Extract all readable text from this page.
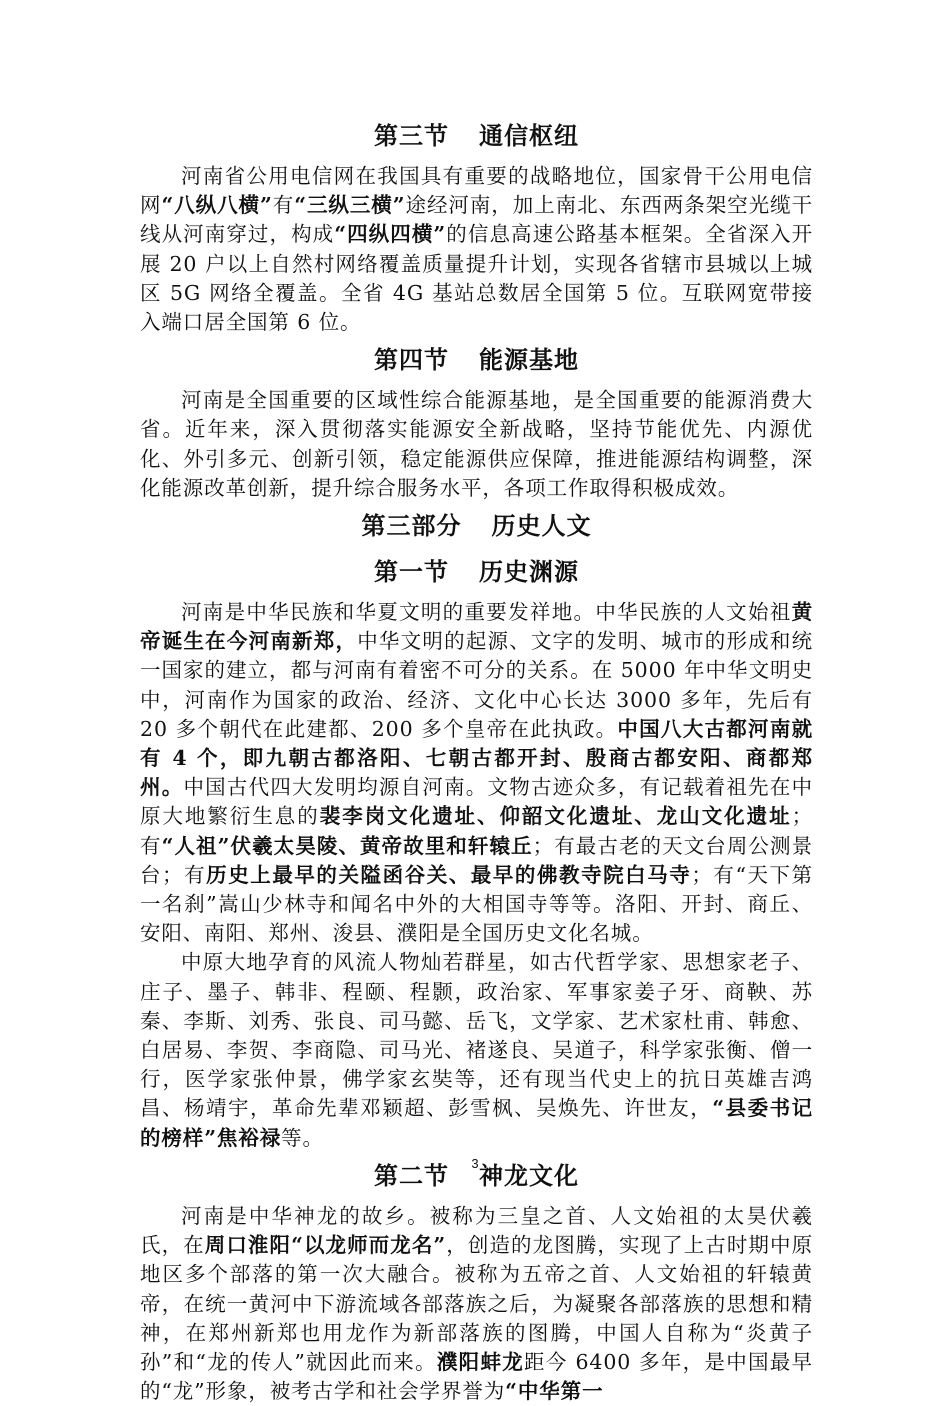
第三节 通信枢纽

河南省公用电信网在我国具有重要的战略地位，国家骨干公用电信网“八纵八横”有“三纵三横”途经河南，加上南北、东西两条架空光缆干线从河南穿过，构成“四纵四横”的信息高速公路基本框架。全省深入开展 20 户以上自然村网络覆盖质量提升计划，实现各省辖市县城以上城区 5G 网络全覆盖。全省 4G 基站总数居全国第 5 位。互联网宽带接入端口居全国第 6 位。

第四节 能源基地

河南是全国重要的区域性综合能源基地，是全国重要的能源消费大省。近年来，深入贯彻落实能源安全新战略，坚持节能优先、内源优化、外引多元、创新引领，稳定能源供应保障，推进能源结构调整，深化能源改革创新，提升综合服务水平，各项工作取得积极成效。

第三部分 历史人文
第一节 历史渊源

河南是中华民族和华夏文明的重要发祥地。中华民族的人文始祖黄帝诞生在今河南新郑，中华文明的起源、文字的发明、城市的形成和统一国家的建立，都与河南有着密不可分的关系。在 5000 年中华文明史中，河南作为国家的政治、经济、文化中心长达 3000 多年，先后有 20 多个朝代在此建都、200 多个皇帝在此执政。中国八大古都河南就有 4 个，即九朝古都洛阳、七朝古都开封、殷商古都安阳、商都郑州。中国古代四大发明均源自河南。文物古迹众多，有记载着祖先在中原大地繁衍生息的裴李岗文化遗址、仰韶文化遗址、龙山文化遗址；有“人祖”伏羲太昊陵、黄帝故里和轩辕丘；有最古老的天文台周公测景台；有历史上最早的关隘函谷关、最早的佛教寺院白马寺；有“天下第一名刹”嵩山少林寺和闻名中外的大相国寺等等。洛阳、开封、商丘、安阳、南阳、郑州、浚县、濮阳是全国历史文化名城。

中原大地孕育的风流人物灿若群星，如古代哲学家、思想家老子、庄子、墨子、韩非、程颐、程颢，政治家、军事家姜子牙、商鞅、苏秦、李斯、刘秀、张良、司马懿、岳飞，文学家、艺术家杜甫、韩愈、白居易、李贺、李商隐、司马光、褚遂良、吴道子，科学家张衡、僧一行，医学家张仲景，佛学家玄奘等，还有现当代史上的抗日英雄吉鸿昌、杨靖宇，革命先辈邓颖超、彭雪枫、吴焕先、许世友，“县委书记的榜样”焦裕禄等。

第二节 神龙文化

河南是中华神龙的故乡。被称为三皇之首、人文始祖的太昊伏羲氏，在周口淮阳“以龙师而龙名”，创造的龙图腾，实现了上古时期中原地区多个部落的第一次大融合。被称为五帝之首、人文始祖的轩辕黄帝，在统一黄河中下游流域各部落族之后，为凝聚各部落族的思想和精神，在郑州新郑也用龙作为新部落族的图腾，中国人自称为“炎黄子孙”和“龙的传人”就因此而来。濮阳蚌龙距今 6400 多年，是中国最早的“龙”形象，被考古学和社会学界誉为“中华第一

3
